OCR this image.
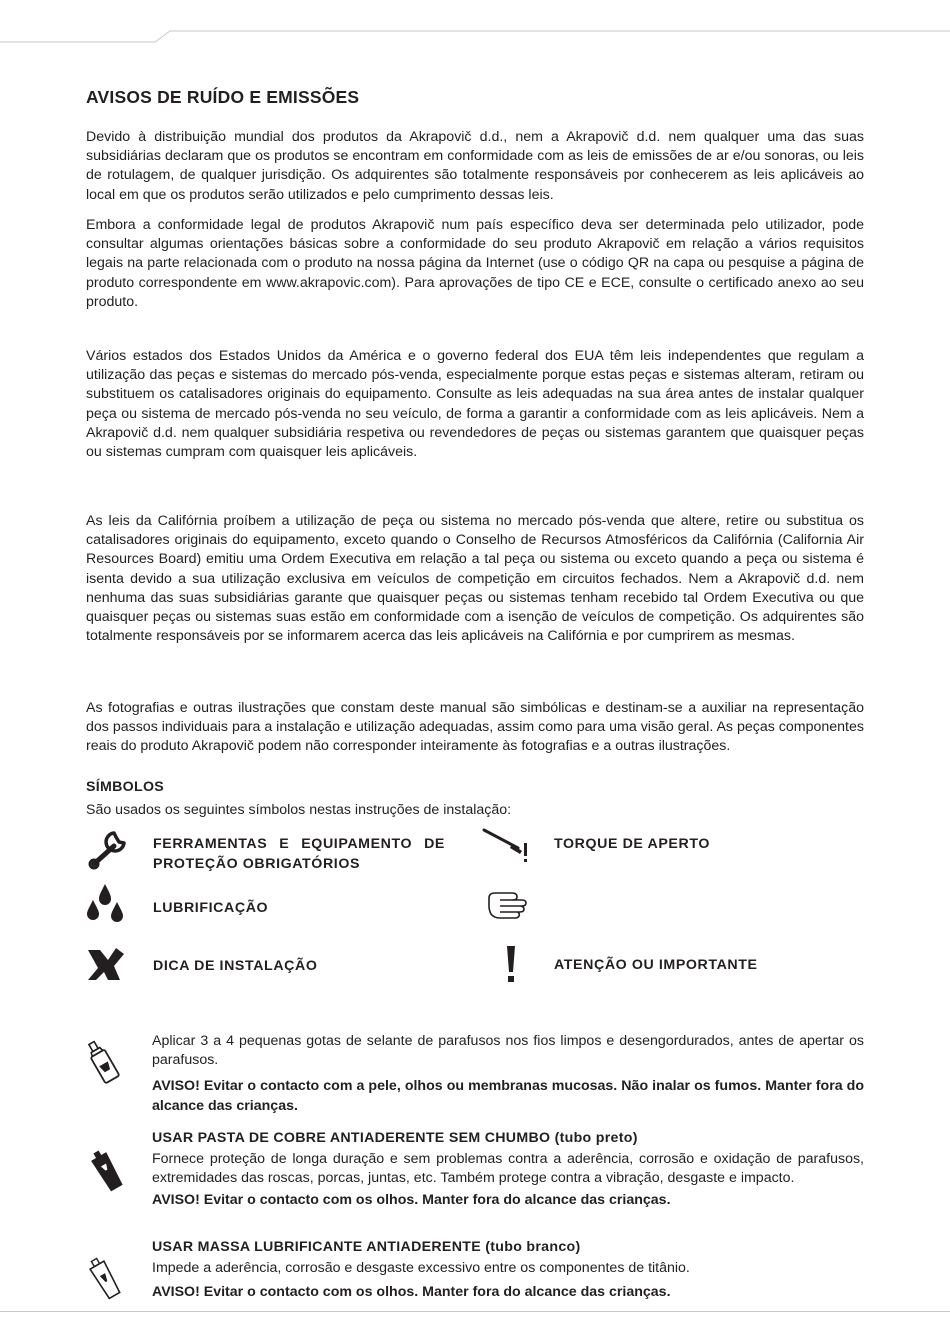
AVISOS DE RUÍDO E EMISSÕES

Devido à distribuição mundial dos produtos da Akrapovič d.d., nem a Akrapovič d.d. nem qualquer uma das suas subsidiárias declaram que os produtos se encontram em conformidade com as leis de emissões de ar e/ou sonoras, ou leis de rotulagem, de qualquer jurisdição. Os adquirentes são totalmente responsáveis por conhecerem as leis aplicáveis ao local em que os produtos serão utilizados e pelo cumprimento dessas leis.

Embora a conformidade legal de produtos Akrapovič num país específico deva ser determinada pelo utilizador, pode consultar algumas orientações básicas sobre a conformidade do seu produto Akrapovič em relação a vários requisitos legais na parte relacionada com o produto na nossa página da Internet (use o código QR na capa ou pesquise a página de produto correspondente em www.akrapovic.com). Para aprovações de tipo CE e ECE, consulte o certificado anexo ao seu produto.

Vários estados dos Estados Unidos da América e o governo federal dos EUA têm leis independentes que regulam a utilização das peças e sistemas do mercado pós-venda, especialmente porque estas peças e sistemas alteram, retiram ou substituem os catalisadores originais do equipamento. Consulte as leis adequadas na sua área antes de instalar qualquer peça ou sistema de mercado pós-venda no seu veículo, de forma a garantir a conformidade com as leis aplicáveis. Nem a Akrapovič d.d. nem qualquer subsidiária respetiva ou revendedores de peças ou sistemas garantem que quaisquer peças ou sistemas cumpram com quaisquer leis aplicáveis.

As leis da Califórnia proíbem a utilização de peça ou sistema no mercado pós-venda que altere, retire ou substitua os catalisadores originais do equipamento, exceto quando o Conselho de Recursos Atmosféricos da Califórnia (California Air Resources Board) emitiu uma Ordem Executiva em relação a tal peça ou sistema ou exceto quando a peça ou sistema é isenta devido a sua utilização exclusiva em veículos de competição em circuitos fechados. Nem a Akrapovič d.d. nem nenhuma das suas subsidiárias garante que quaisquer peças ou sistemas tenham recebido tal Ordem Executiva ou que quaisquer peças ou sistemas suas estão em conformidade com a isenção de veículos de competição. Os adquirentes são totalmente responsáveis por se informarem acerca das leis aplicáveis na Califórnia e por cumprirem as mesmas.

As fotografias e outras ilustrações que constam deste manual são simbólicas e destinam-se a auxiliar na representação dos passos individuais para a instalação e utilização adequadas, assim como para uma visão geral. As peças componentes reais do produto Akrapovič podem não corresponder inteiramente às fotografias e a outras ilustrações.

SÍMBOLOS
São usados os seguintes símbolos nestas instruções de instalação:
FERRAMENTAS E EQUIPAMENTO DE PROTEÇÃO OBRIGATÓRIOS
TORQUE DE APERTO
LUBRIFICAÇÃO
DICA DE INSTALAÇÃO	ATENÇÃO OU IMPORTANTE

Aplicar 3 a 4 pequenas gotas de selante de parafusos nos fios limpos e desengordurados, antes de apertar os parafusos.

AVISO! Evitar o contacto com a pele, olhos ou membranas mucosas. Não inalar os fumos. Manter fora do alcance das crianças.

USAR PASTA DE COBRE ANTIADERENTE SEM CHUMBO (tubo preto)

Fornece proteção de longa duração e sem problemas contra a aderência, corrosão e oxidação de parafusos, extremidades das roscas, porcas, juntas, etc. Também protege contra a vibração, desgaste e impacto.

AVISO! Evitar o contacto com os olhos. Manter fora do alcance das crianças.

USAR MASSA LUBRIFICANTE ANTIADERENTE (tubo branco)

Impede a aderência, corrosão e desgaste excessivo entre os componentes de titânio.

AVISO! Evitar o contacto com os olhos. Manter fora do alcance das crianças.
